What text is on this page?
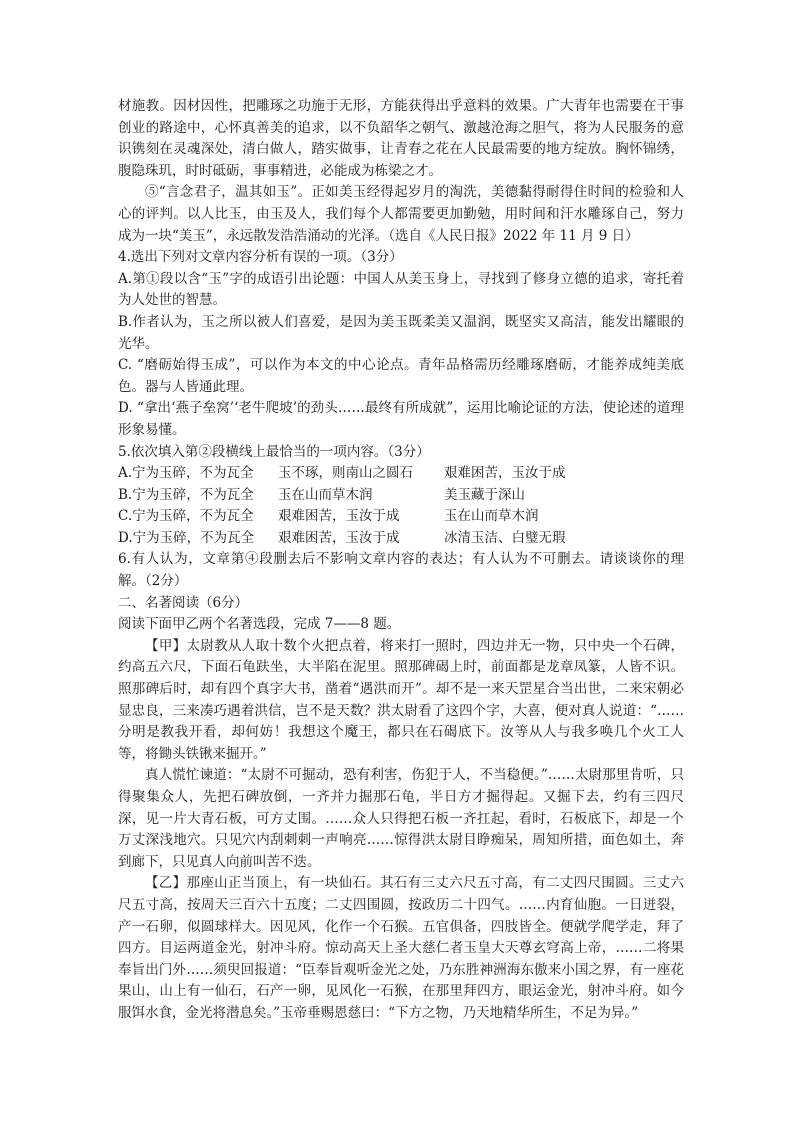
材施教。因材因性，把雕琢之功施于无形，方能获得出乎意料的效果。广大青年也需要在干事创业的路途中，心怀真善美的追求，以不负韶华之朝气、激越沧海之胆气，将为人民服务的意识镌刻在灵魂深处，清白做人，踏实做事，让青春之花在人民最需要的地方绽放。胸怀锦绣，腹隐珠玑，时时砥砺，事事精进，必能成为栋梁之才。

⑤“言念君子，温其如玉”。正如美玉经得起岁月的淘洗，美德黏得耐得住时间的检验和人心的评判。以人比玉，由玉及人，我们每个人都需要更加勤勉，用时间和汗水雕琢自己，努力成为一块“美玉”，永远散发浩浩涌动的光泽。（选自《人民日报》2022 年 11 月 9 日）

4.选出下列对文章内容分析有误的一项。（3分）

A.第①段以含“玉”字的成语引出论题：中国人从美玉身上，寻找到了修身立德的追求，寄托着为人处世的智慧。

B.作者认为，玉之所以被人们喜爱，是因为美玉既柔美又温润，既坚实又高洁，能发出耀眼的光华。

C. “磨砺始得玉成”，可以作为本文的中心论点。青年品格需历经雕琢磨砺，才能养成纯美底色。器与人皆通此理。

D. “拿出‘燕子垒窝’‘老牛爬坡’的劲头……最终有所成就”，运用比喻论证的方法，使论述的道理形象易懂。

5.依次填入第②段横线上最恰当的一项内容。（3分）

A.宁为玉碎，不为瓦全	玉不琢，则南山之圆石	艰难困苦，玉汝于成
B.宁为玉碎，不为瓦全	玉在山而草木润	美玉藏于深山
C.宁为玉碎，不为瓦全	艰难困苦，玉汝于成	玉在山而草木润
D.宁为玉碎，不为瓦全	艰难困苦，玉汝于成	冰清玉洁、白璧无瑕

6.有人认为，文章第④段删去后不影响文章内容的表达；有人认为不可删去。请谈谈你的理解。（2分）

二、名著阅读（6分）

阅读下面甲乙两个名著选段，完成 7——8 题。

【甲】太尉教从人取十数个火把点着，将来打一照时，四边并无一物，只中央一个石碑，约高五六尺，下面石龟趺坐，大半陷在泥里。照那碑碣上时，前面都是龙章凤篆，人皆不识。照那碑后时，却有四个真字大书，凿着“遇洪而开”。却不是一来天罡星合当出世，二来宋朝必显忠良，三来凑巧遇着洪信，岂不是天数？洪太尉看了这四个字，大喜，便对真人说道：“……分明是教我开看，却何妨！我想这个魔王，都只在石碣底下。汝等从人与我多唤几个火工人等，将锄头铁锹来掘开。”

真人慌忙谏道：“太尉不可掘动，恐有利害，伤犯于人，不当稳便。”……太尉那里肯听，只得聚集众人，先把石碑放倒，一齐并力掘那石龟，半日方才掘得起。又掘下去，约有三四尺深，见一片大青石板，可方丈围。……众人只得把石板一齐扛起，看时，石板底下，却是一个万丈深浅地穴。只见穴内刮刺刺一声响亮……惊得洪太尉目睁痴呆，周知所措，面色如土，奔到廊下，只见真人向前叫苦不迭。

【乙】那座山正当顶上，有一块仙石。其石有三丈六尺五寸高，有二丈四尺围圆。三丈六尺五寸高，按周天三百六十五度；二丈四围圆，按政历二十四气。……内育仙胞。一日迸裂，产一石卵，似圆球样大。因见风，化作一个石猴。五官俱备，四肢皆全。便就学爬学走，拜了四方。目运两道金光，射冲斗府。惊动高天上圣大慈仁者玉皇大天尊玄穹高上帝，……二将果奉旨出门外……须臾回报道：“臣奉旨观听金光之处，乃东胜神洲海东傲来小国之界，有一座花果山，山上有一仙石，石产一卵，见风化一石猴，在那里拜四方，眼运金光，射冲斗府。如今服饵水食，金光将潜息矣。”玉帝垂赐恩慈曰：“下方之物，乃天地精华所生，不足为异。”
